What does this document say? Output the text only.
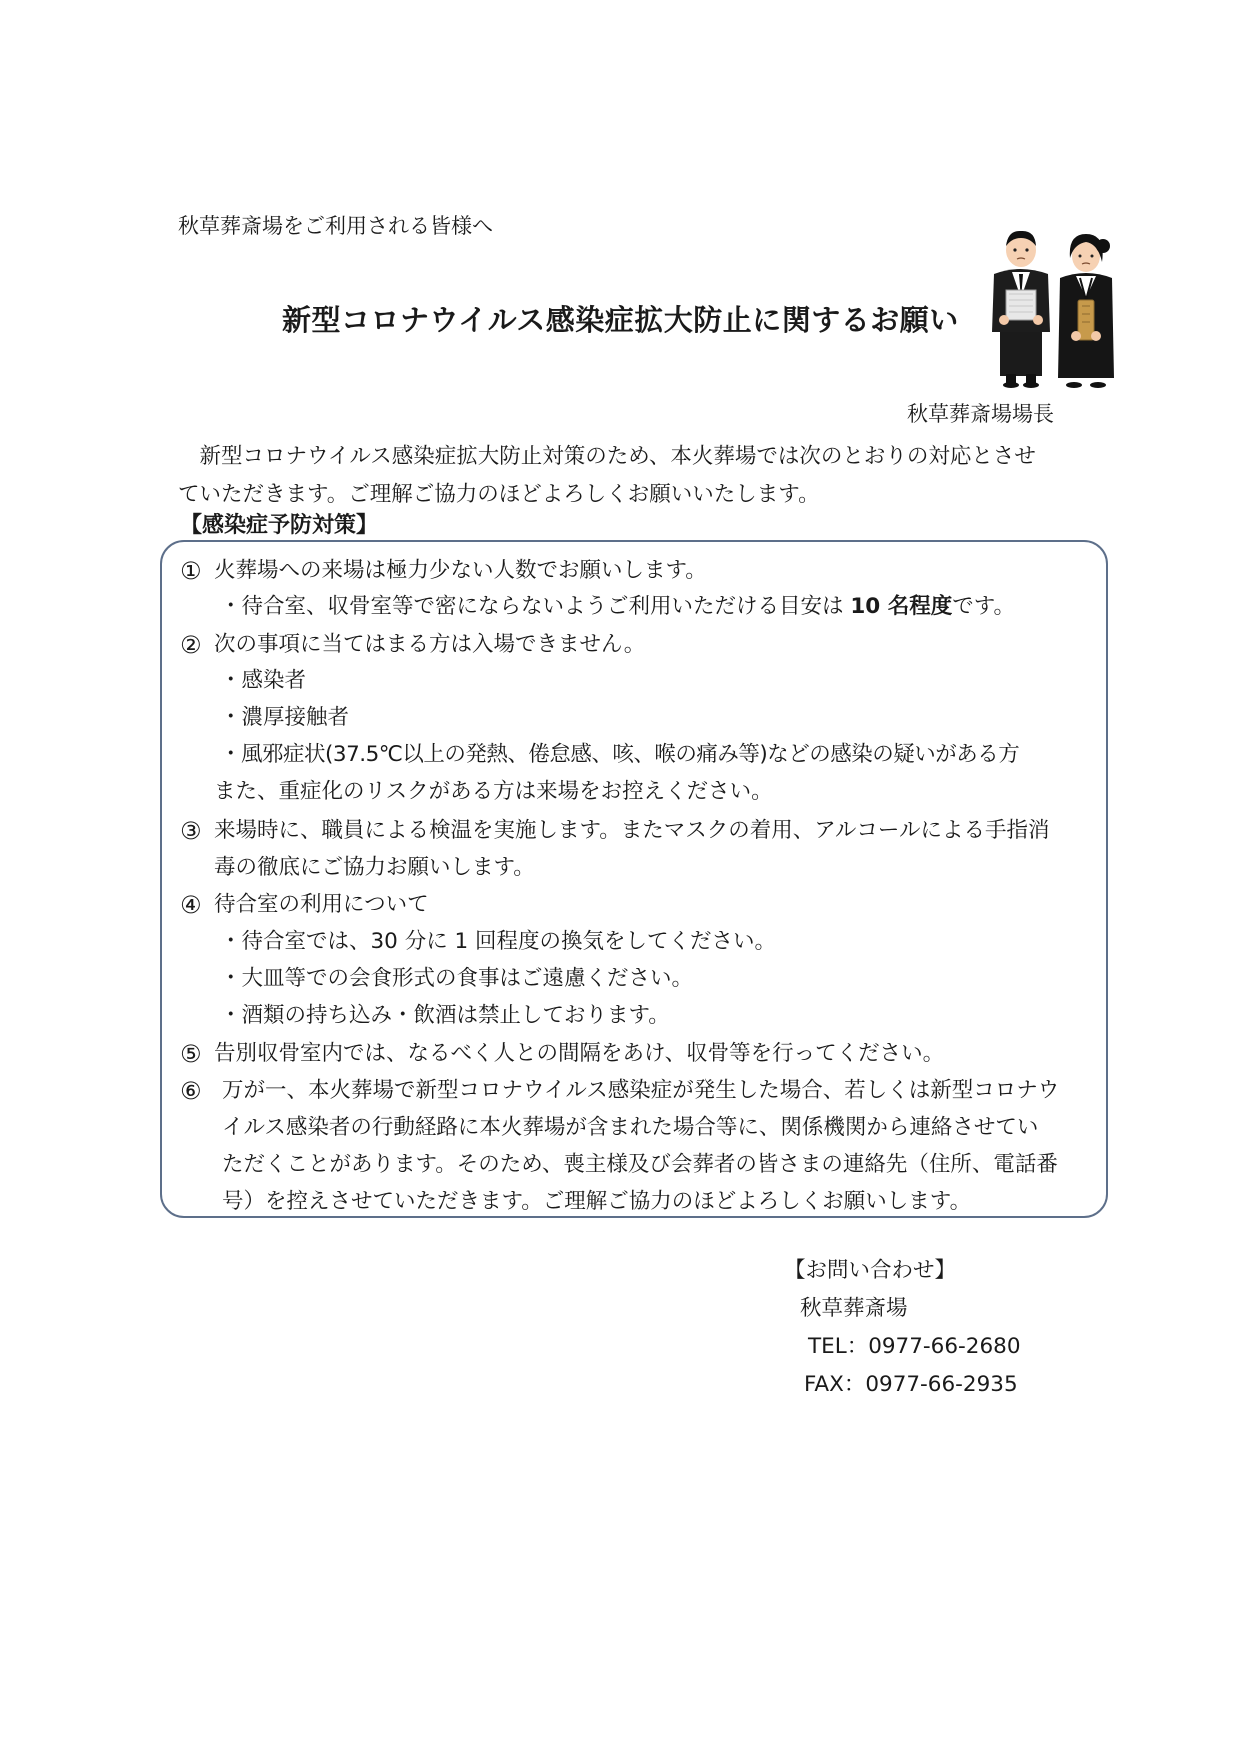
秋草葬斎場をご利用される皆様へ
新型コロナウイルス感染症拡大防止に関するお願い
秋草葬斎場場長
　新型コロナウイルス感染症拡大防止対策のため、本火葬場では次のとおりの対応とさせ
ていただきます。ご理解ご協力のほどよろしくお願いいたします。
【感染症予防対策】
① 火葬場への来場は極力少ない人数でお願いします。
・待合室、収骨室等で密にならないようご利用いただける目安は 10 名程度です。
② 次の事項に当てはまる方は入場できません。
・感染者
・濃厚接触者
・風邪症状(37.5℃以上の発熱、倦怠感、咳、喉の痛み等)などの感染の疑いがある方
また、重症化のリスクがある方は来場をお控えください。
③ 来場時に、職員による検温を実施します。またマスクの着用、アルコールによる手指消
毒の徹底にご協力お願いします。
④ 待合室の利用について
・待合室では、30 分に 1 回程度の換気をしてください。
・大皿等での会食形式の食事はご遠慮ください。
・酒類の持ち込み・飲酒は禁止しております。
⑤ 告別収骨室内では、なるべく人との間隔をあけ、収骨等を行ってください。
⑥ 万が一、本火葬場で新型コロナウイルス感染症が発生した場合、若しくは新型コロナウ
イルス感染者の行動経路に本火葬場が含まれた場合等に、関係機関から連絡させてい
ただくことがあります。そのため、喪主様及び会葬者の皆さまの連絡先（住所、電話番
号）を控えさせていただきます。ご理解ご協力のほどよろしくお願いします。
【お問い合わせ】
秋草葬斎場
TEL：0977-66-2680
FAX：0977-66-2935
